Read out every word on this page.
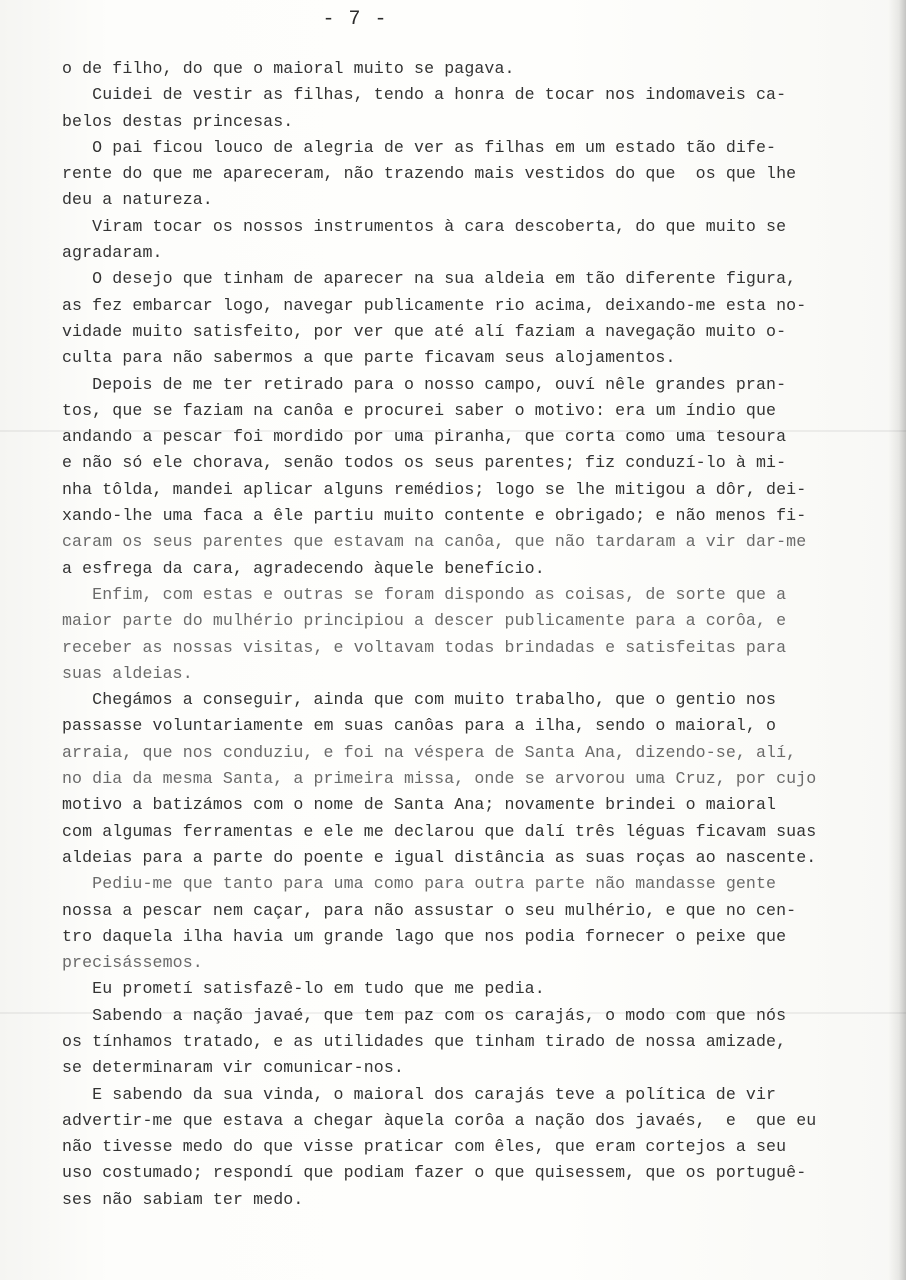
- 7 -
o de filho, do que o maioral muito se pagava.
Cuidei de vestir as filhas, tendo a honra de tocar nos indomaveis ca-
belos destas princesas.
O pai ficou louco de alegria de ver as filhas em um estado tão dife-
rente do que me apareceram, não trazendo mais vestidos do que  os que lhe
deu a natureza.
Viram tocar os nossos instrumentos à cara descoberta, do que muito se
agradaram.
O desejo que tinham de aparecer na sua aldeia em tão diferente figura,
as fez embarcar logo, navegar publicamente rio acima, deixando-me esta no-
vidade muito satisfeito, por ver que até alí faziam a navegação muito o-
culta para não sabermos a que parte ficavam seus alojamentos.
Depois de me ter retirado para o nosso campo, ouví nêle grandes pran-
tos, que se faziam na canôa e procurei saber o motivo: era um índio que
andando a pescar foi mordido por uma piranha, que corta como uma tesoura
e não só ele chorava, senão todos os seus parentes; fiz conduzí-lo à mi-
nha tôlda, mandei aplicar alguns remédios; logo se lhe mitigou a dôr, dei-
xando-lhe uma faca a êle partiu muito contente e obrigado; e não menos fi-
caram os seus parentes que estavam na canôa, que não tardaram a vir dar-me
a esfrega da cara, agradecendo àquele benefício.
Enfim, com estas e outras se foram dispondo as coisas, de sorte que a
maior parte do mulhério principiou a descer publicamente para a corôa, e
receber as nossas visitas, e voltavam todas brindadas e satisfeitas para
suas aldeias.
Chegámos a conseguir, ainda que com muito trabalho, que o gentio nos
passasse voluntariamente em suas canôas para a ilha, sendo o maioral, o
arraia, que nos conduziu, e foi na véspera de Santa Ana, dizendo-se, alí,
no dia da mesma Santa, a primeira missa, onde se arvorou uma Cruz, por cujo
motivo a batizámos com o nome de Santa Ana; novamente brindei o maioral
com algumas ferramentas e ele me declarou que dalí três léguas ficavam suas
aldeias para a parte do poente e igual distância as suas roças ao nascente.
Pediu-me que tanto para uma como para outra parte não mandasse gente
nossa a pescar nem caçar, para não assustar o seu mulhério, e que no cen-
tro daquela ilha havia um grande lago que nos podia fornecer o peixe que
precisássemos.
Eu prometí satisfazê-lo em tudo que me pedia.
Sabendo a nação javaé, que tem paz com os carajás, o modo com que nós
os tínhamos tratado, e as utilidades que tinham tirado de nossa amizade,
se determinaram vir comunicar-nos.
E sabendo da sua vinda, o maioral dos carajás teve a política de vir
advertir-me que estava a chegar àquela corôa a nação dos javaés,  e  que eu
não tivesse medo do que visse praticar com êles, que eram cortejos a seu
uso costumado; respondí que podiam fazer o que quisessem, que os portuguê-
ses não sabiam ter medo.
